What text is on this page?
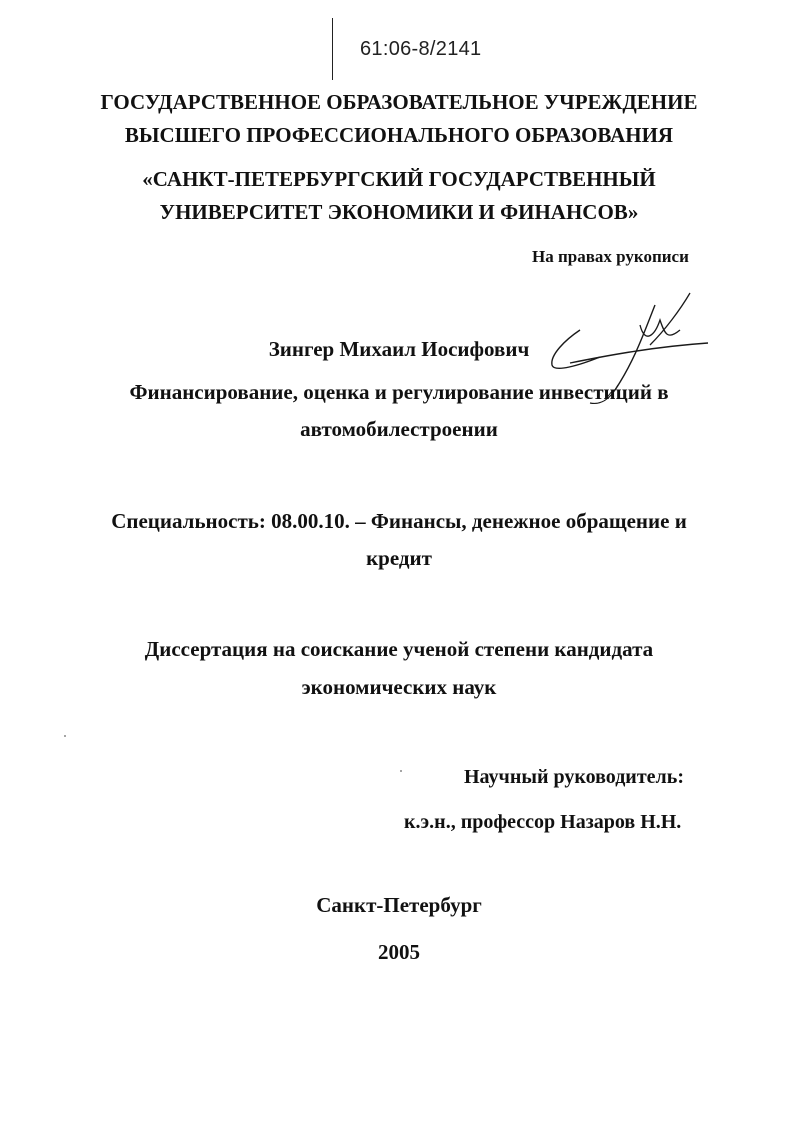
61:06-8/2141
ГОСУДАРСТВЕННОЕ ОБРАЗОВАТЕЛЬНОЕ УЧРЕЖДЕНИЕ
ВЫСШЕГО ПРОФЕССИОНАЛЬНОГО ОБРАЗОВАНИЯ
«САНКТ-ПЕТЕРБУРГСКИЙ ГОСУДАРСТВЕННЫЙ
УНИВЕРСИТЕТ ЭКОНОМИКИ И ФИНАНСОВ»
На правах рукописи
Зингер Михаил Иосифович
Финансирование, оценка и регулирование инвестиций в
автомобилестроении
Специальность: 08.00.10. – Финансы, денежное обращение и
кредит
Диссертация на соискание ученой степени кандидата
экономических наук
Научный руководитель:
к.э.н., профессор Назаров Н.Н.
Санкт-Петербург
2005
